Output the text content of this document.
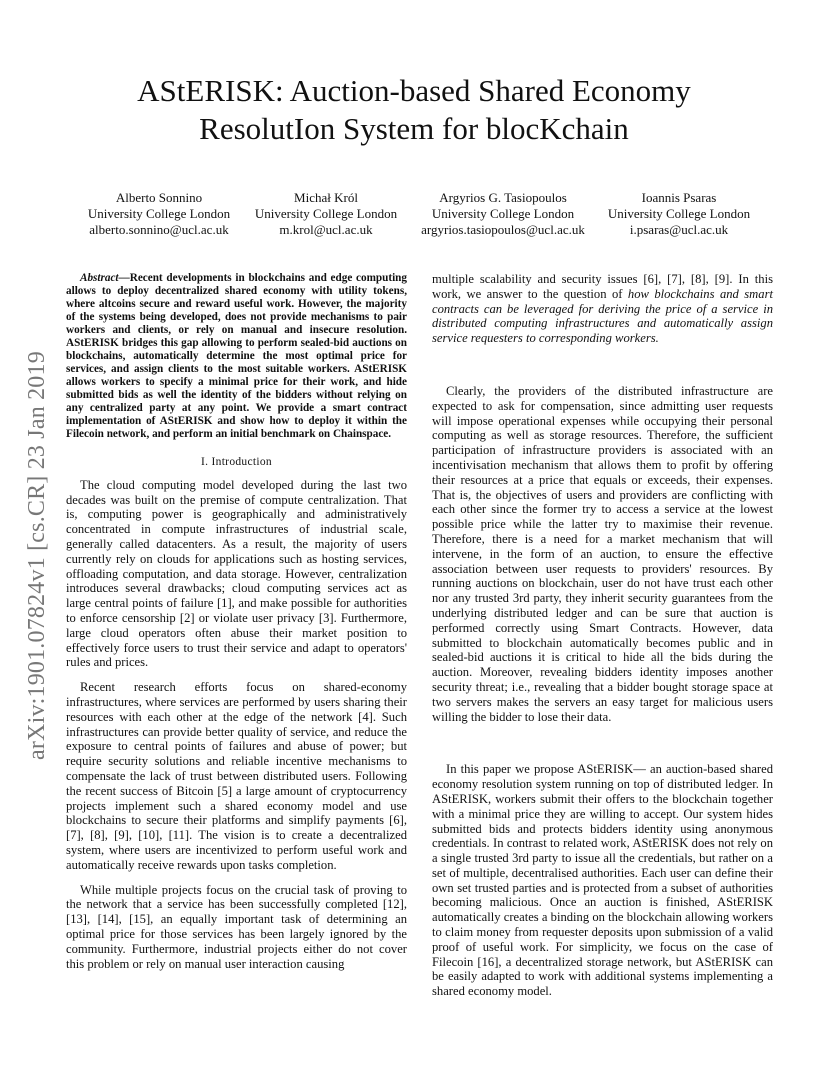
AStERISK: Auction-based Shared Economy
ResolutIon System for blocKchain
Alberto Sonnino
University College London
alberto.sonnino@ucl.ac.uk
Michał Król
University College London
m.krol@ucl.ac.uk
Argyrios G. Tasiopoulos
University College London
argyrios.tasiopoulos@ucl.ac.uk
Ioannis Psaras
University College London
i.psaras@ucl.ac.uk
arXiv:1901.07824v1 [cs.CR] 23 Jan 2019

Abstract—Recent developments in blockchains and edge computing allows to deploy decentralized shared economy with utility tokens, where altcoins secure and reward useful work. However, the majority of the systems being developed, does not provide mechanisms to pair workers and clients, or rely on manual and insecure resolution. AStERISK bridges this gap allowing to perform sealed-bid auctions on blockchains, automatically determine the most optimal price for services, and assign clients to the most suitable workers. AStERISK allows workers to specify a minimal price for their work, and hide submitted bids as well the identity of the bidders without relying on any centralized party at any point. We provide a smart contract implementation of AStERISK and show how to deploy it within the Filecoin network, and perform an initial benchmark on Chainspace.

I. Introduction

The cloud computing model developed during the last two decades was built on the premise of compute centralization. That is, computing power is geographically and administratively concentrated in compute infrastructures of industrial scale, generally called datacenters. As a result, the majority of users currently rely on clouds for applications such as hosting services, offloading computation, and data storage. However, centralization introduces several drawbacks; cloud computing services act as large central points of failure [1], and make possible for authorities to enforce censorship [2] or violate user privacy [3]. Furthermore, large cloud operators often abuse their market position to effectively force users to trust their service and adapt to operators' rules and prices.

Recent research efforts focus on shared-economy infrastructures, where services are performed by users sharing their resources with each other at the edge of the network [4]. Such infrastructures can provide better quality of service, and reduce the exposure to central points of failures and abuse of power; but require security solutions and reliable incentive mechanisms to compensate the lack of trust between distributed users. Following the recent success of Bitcoin [5] a large amount of cryptocurrency projects implement such a shared economy model and use blockchains to secure their platforms and simplify payments [6], [7], [8], [9], [10], [11]. The vision is to create a decentralized system, where users are incentivized to perform useful work and automatically receive rewards upon tasks completion.

While multiple projects focus on the crucial task of proving to the network that a service has been successfully completed [12], [13], [14], [15], an equally important task of determining an optimal price for those services has been largely ignored by the community. Furthermore, industrial projects either do not cover this problem or rely on manual user interaction causing

multiple scalability and security issues [6], [7], [8], [9]. In this work, we answer to the question of how blockchains and smart contracts can be leveraged for deriving the price of a service in distributed computing infrastructures and automatically assign service requesters to corresponding workers.

Clearly, the providers of the distributed infrastructure are expected to ask for compensation, since admitting user requests will impose operational expenses while occupying their personal computing as well as storage resources. Therefore, the sufficient participation of infrastructure providers is associated with an incentivisation mechanism that allows them to profit by offering their resources at a price that equals or exceeds, their expenses. That is, the objectives of users and providers are conflicting with each other since the former try to access a service at the lowest possible price while the latter try to maximise their revenue. Therefore, there is a need for a market mechanism that will intervene, in the form of an auction, to ensure the effective association between user requests to providers' resources. By running auctions on blockchain, user do not have trust each other nor any trusted 3rd party, they inherit security guarantees from the underlying distributed ledger and can be sure that auction is performed correctly using Smart Contracts. However, data submitted to blockchain automatically becomes public and in sealed-bid auctions it is critical to hide all the bids during the auction. Moreover, revealing bidders identity imposes another security threat; i.e., revealing that a bidder bought storage space at two servers makes the servers an easy target for malicious users willing the bidder to lose their data.

In this paper we propose AStERISK— an auction-based shared economy resolution system running on top of distributed ledger. In AStERISK, workers submit their offers to the blockchain together with a minimal price they are willing to accept. Our system hides submitted bids and protects bidders identity using anonymous credentials. In contrast to related work, AStERISK does not rely on a single trusted 3rd party to issue all the credentials, but rather on a set of multiple, decentralised authorities. Each user can define their own set trusted parties and is protected from a subset of authorities becoming malicious. Once an auction is finished, AStERISK automatically creates a binding on the blockchain allowing workers to claim money from requester deposits upon submission of a valid proof of useful work. For simplicity, we focus on the case of Filecoin [16], a decentralized storage network, but AStERISK can be easily adapted to work with additional systems implementing a shared economy model.
